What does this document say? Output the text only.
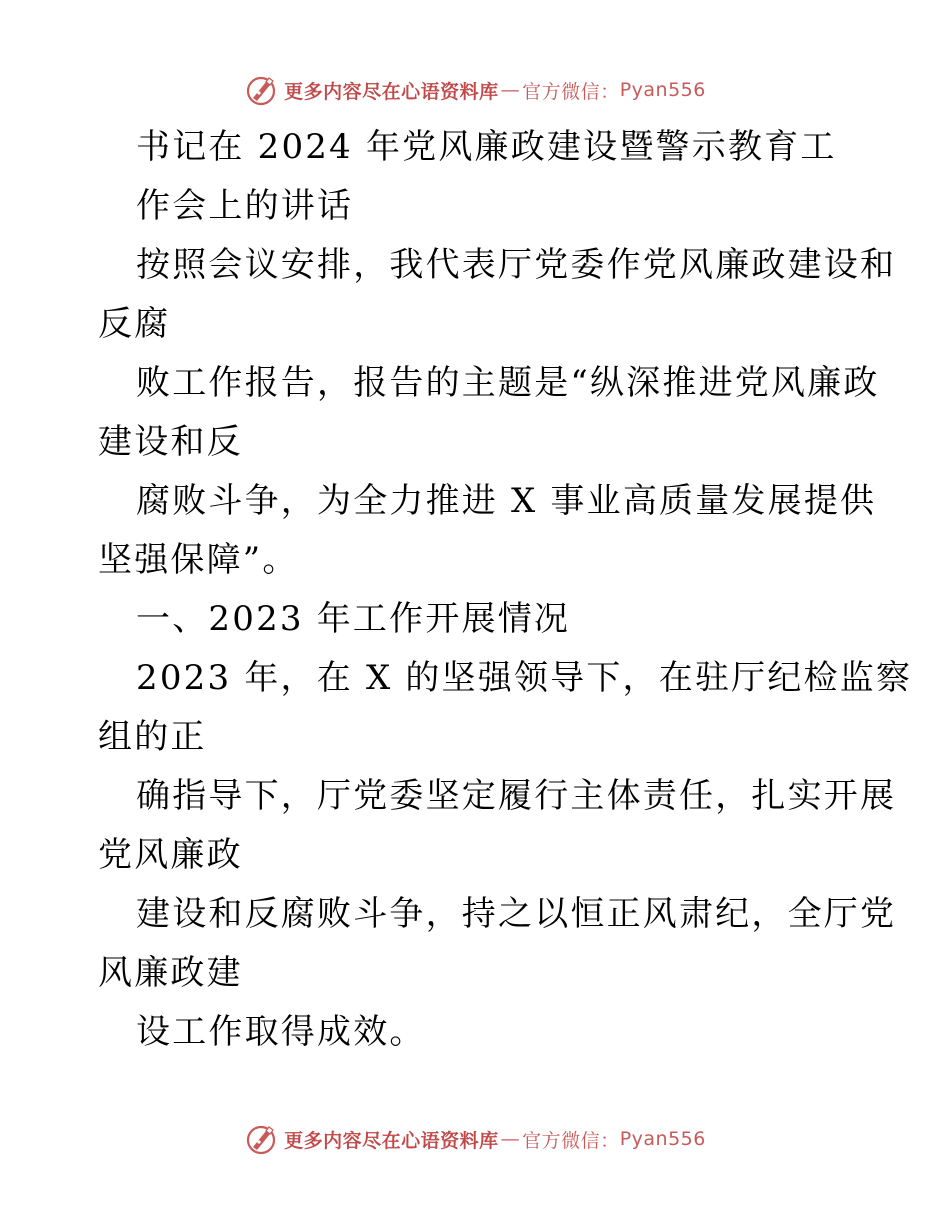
更多内容尽在心语资料库 — 官方微信： Pyan556
书记在 2024 年党风廉政建设暨警示教育工
作会上的讲话
按照会议安排，我代表厅党委作党风廉政建设和
反腐
败工作报告，报告的主题是“纵深推进党风廉政
建设和反
腐败斗争，为全力推进 X 事业高质量发展提供
坚强保障”。
一、2023 年工作开展情况
2023 年，在 X 的坚强领导下，在驻厅纪检监察
组的正
确指导下，厅党委坚定履行主体责任，扎实开展
党风廉政
建设和反腐败斗争，持之以恒正风肃纪，全厅党
风廉政建
设工作取得成效。
更多内容尽在心语资料库 — 官方微信： Pyan556
